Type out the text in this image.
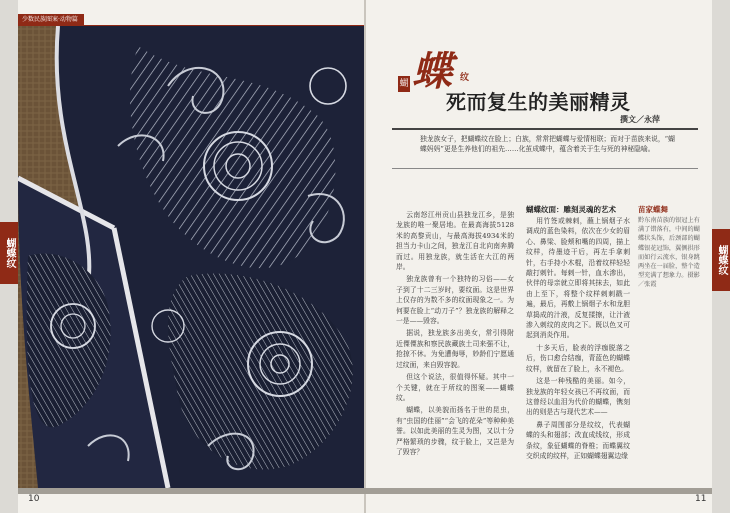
少数民族图案·动物篇
蝴蝶纹	蝴蝶纹
蝴 蝶 纹
死而复生的美丽精灵
撰文／永萍
独龙族女子，把蝴蝶纹在脸上；白族，常常把蝴蝶与爱情相联；而对于苗族来说，“蝴蝶妈妈”更是生养他们的祖先……化茧成蝶中，蕴含着关于生与死的神秘隐喻。

云南怒江州贡山县独龙江乡，是独龙族的唯一聚居地。在最高海拔5128米的高黎贡山，与最高海拔4934米的担当力卡山之间，独龙江自北向南奔腾而过。用独龙族，就生活在大江的两岸。

独龙族曾有一个独特的习俗——女子到了十二三岁时，要纹面。这是世界上仅存的为数不多的纹面现象之一。为何要在脸上“动刀子”？独龙族的解释之一是——毁容。

据说，独龙族多出美女，常引得附近僳僳族和察民族藏族土司来强不让，抢掠不休。为免遭侮辱，妙龄们宁愿通过纹面，来自毁容貌。

但这个说法，很值得怀疑。其中一个关键，就在于所纹的图案——蝴蝶纹。

蝴蝶，以美貌而扬名于世的昆虫，有“虫国的佳丽”“会飞的花朵”等种种美誉。以如此美丽的生灵为图，又以十分严格繁琐的步骤，纹于脸上，又岂是为了毁容？

蝴蝶纹面：雕刻灵魂的艺术

用竹签或棘刺，蘸上锅烟子水调成的蓝色染料，依次在少女的眉心、鼻梁、脸颊和嘴的四周，描上纹样，待墨迹干后，再左手拿刺针，右手持小木棍，沿着纹样轻轻敲打刺针。每刺一针，血水渗出，伙伴的母亲就立即将其抹去，如此由上至下，将整个纹样刺刺戳一遍，最后，再敷上锅烟子水和龙胆草捣成的汁液，反复揉擦，让汁液渗入刺纹的皮肉之下。既以色又可起到消炎作用。

十多天后，脸表的浮痂脱落之后，伤口愈合结痂，青蓝色的蝴蝶纹样，就留在了脸上，永不褪色。

这是一种残酷的美丽。如今，独龙族的年轻女孩已不再纹面，而这曾经以血泪为代价的蝴蝶，镌刻出的则是古与现代艺术——

鼻子周围部分是纹纹，代表蝴蝶的头和翅部；改直成线纹，形成条纹，象征蝴蝶的脊椎；而蝶翼纹交织成的纹样，正如蝴蝶翅翼边缘

苗家蝶舞
黔东南苗族的银冠上有满了错落有，中间的蝴蝶状头饰，后颈部的蝴蝶银花冠饰，翼侧拱形而如行云流水，银身跳两坐在一届脸，整个造型充满了想象力。摄影／张霞
10	11
